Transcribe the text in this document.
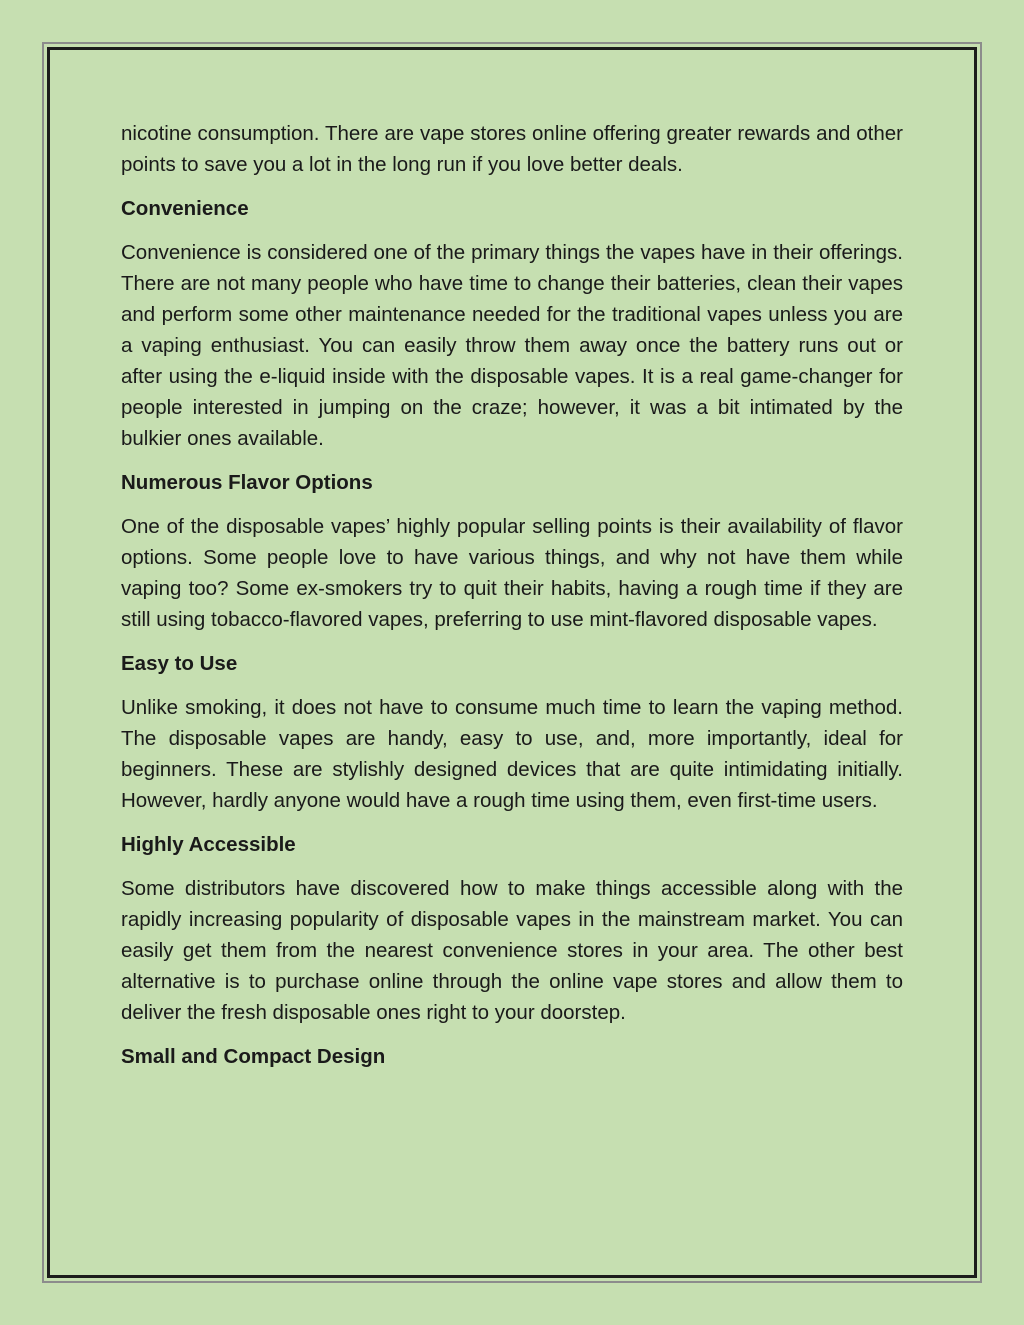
nicotine consumption. There are vape stores online offering greater rewards and other points to save you a lot in the long run if you love better deals.

Convenience

Convenience is considered one of the primary things the vapes have in their offerings. There are not many people who have time to change their batteries, clean their vapes and perform some other maintenance needed for the traditional vapes unless you are a vaping enthusiast. You can easily throw them away once the battery runs out or after using the e-liquid inside with the disposable vapes. It is a real game-changer for people interested in jumping on the craze; however, it was a bit intimated by the bulkier ones available.

Numerous Flavor Options

One of the disposable vapes’ highly popular selling points is their availability of flavor options. Some people love to have various things, and why not have them while vaping too? Some ex-smokers try to quit their habits, having a rough time if they are still using tobacco-flavored vapes, preferring to use mint-flavored disposable vapes.

Easy to Use

Unlike smoking, it does not have to consume much time to learn the vaping method. The disposable vapes are handy, easy to use, and, more importantly, ideal for beginners. These are stylishly designed devices that are quite intimidating initially. However, hardly anyone would have a rough time using them, even first-time users.

Highly Accessible

Some distributors have discovered how to make things accessible along with the rapidly increasing popularity of disposable vapes in the mainstream market. You can easily get them from the nearest convenience stores in your area. The other best alternative is to purchase online through the online vape stores and allow them to deliver the fresh disposable ones right to your doorstep.

Small and Compact Design
